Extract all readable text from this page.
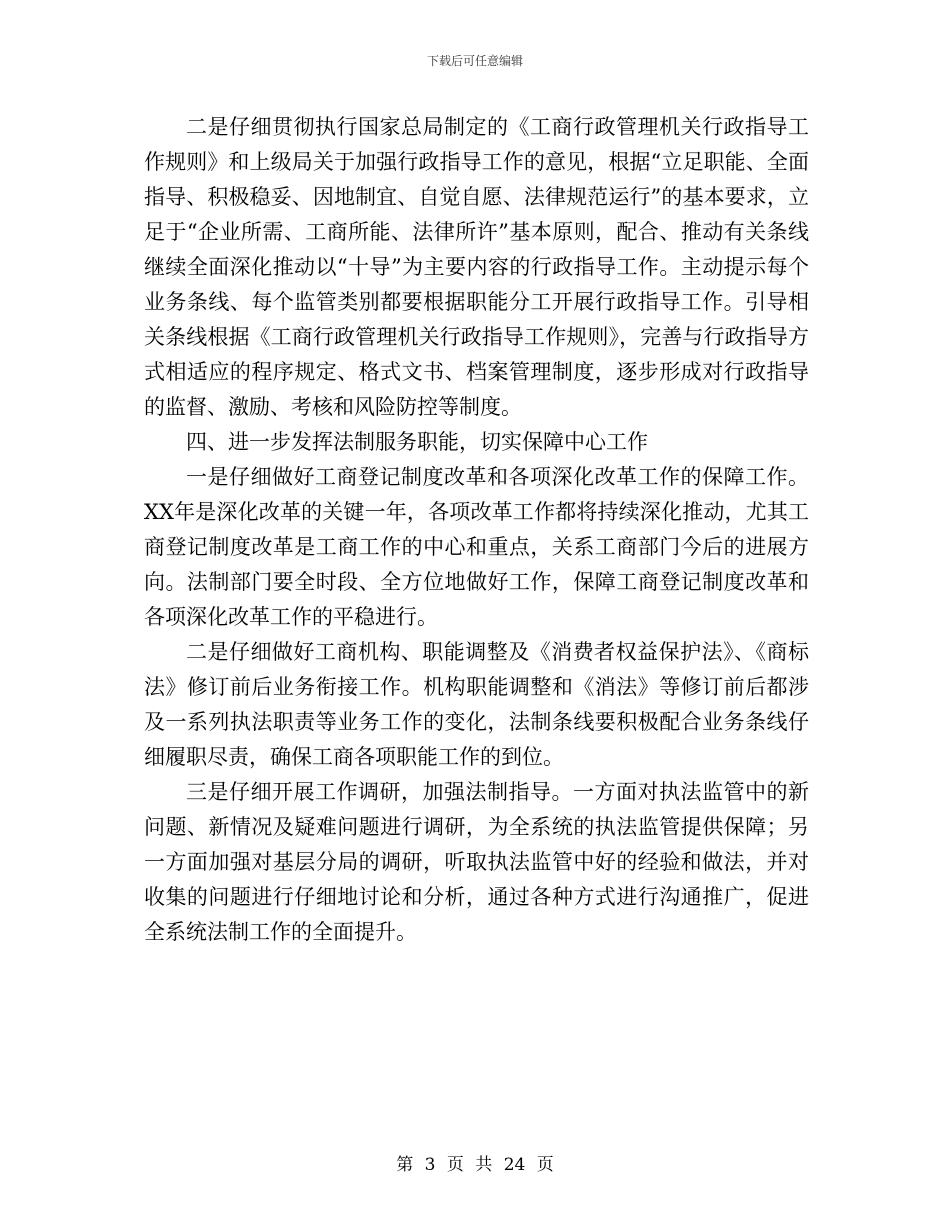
下载后可任意编辑

二是仔细贯彻执行国家总局制定的《工商行政管理机关行政指导工作规则》和上级局关于加强行政指导工作的意见，根据“立足职能、全面指导、积极稳妥、因地制宜、自觉自愿、法律规范运行”的基本要求，立足于“企业所需、工商所能、法律所许”基本原则，配合、推动有关条线继续全面深化推动以“十导”为主要内容的行政指导工作。主动提示每个业务条线、每个监管类别都要根据职能分工开展行政指导工作。引导相关条线根据《工商行政管理机关行政指导工作规则》，完善与行政指导方式相适应的程序规定、格式文书、档案管理制度，逐步形成对行政指导的监督、激励、考核和风险防控等制度。

四、进一步发挥法制服务职能，切实保障中心工作

一是仔细做好工商登记制度改革和各项深化改革工作的保障工作。XX年是深化改革的关键一年，各项改革工作都将持续深化推动，尤其工商登记制度改革是工商工作的中心和重点，关系工商部门今后的进展方向。法制部门要全时段、全方位地做好工作，保障工商登记制度改革和各项深化改革工作的平稳进行。

二是仔细做好工商机构、职能调整及《消费者权益保护法》、《商标法》修订前后业务衔接工作。机构职能调整和《消法》等修订前后都涉及一系列执法职责等业务工作的变化，法制条线要积极配合业务条线仔细履职尽责，确保工商各项职能工作的到位。

三是仔细开展工作调研，加强法制指导。一方面对执法监管中的新问题、新情况及疑难问题进行调研，为全系统的执法监管提供保障；另一方面加强对基层分局的调研，听取执法监管中好的经验和做法，并对收集的问题进行仔细地讨论和分析，通过各种方式进行沟通推广，促进全系统法制工作的全面提升。

第 3 页 共 24 页
